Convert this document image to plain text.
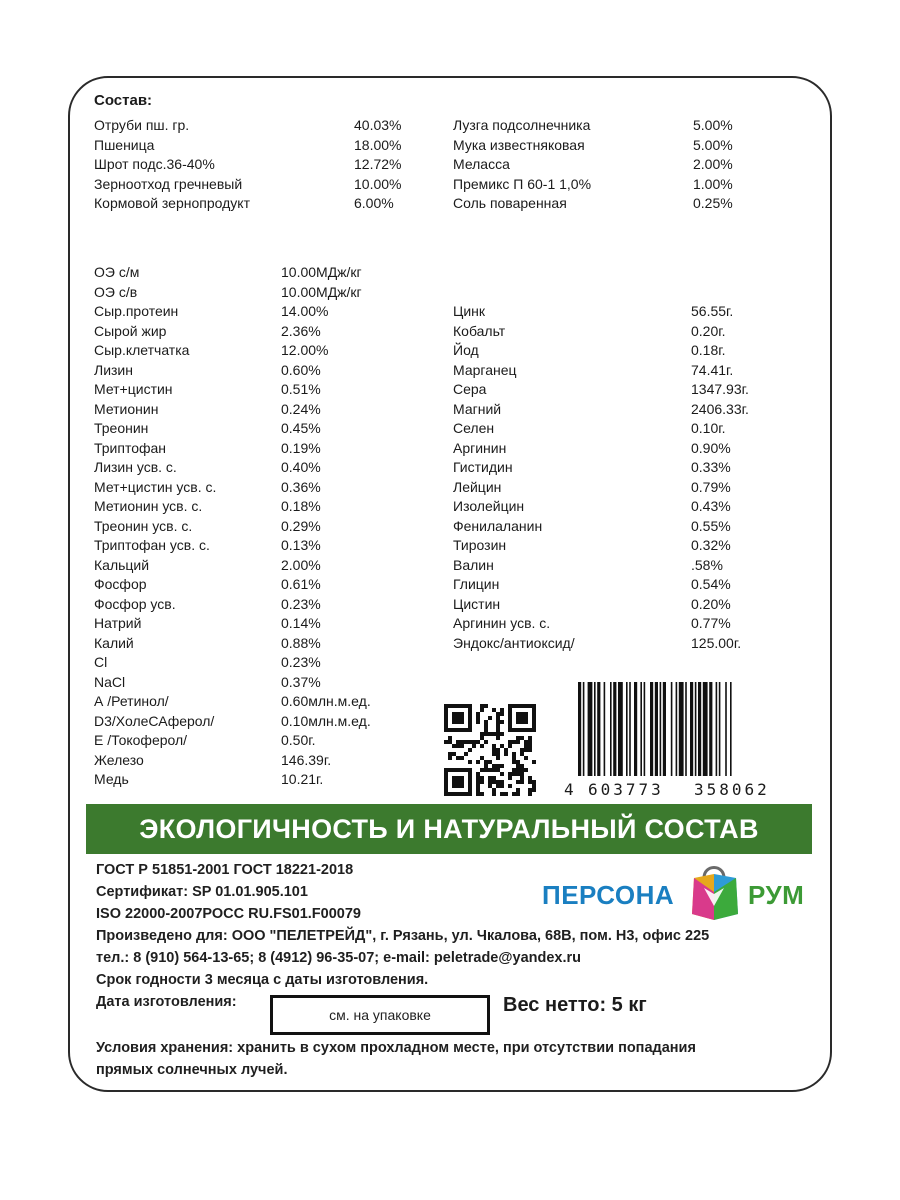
Состав:
Отруби пш. гр.	40.03%
Пшеница	18.00%
Шрот подс.36-40%	12.72%
Зерноотход гречневый	10.00%
Кормовой зернопродукт	6.00%
Лузга подсолнечника	5.00%
Мука известняковая	5.00%
Меласса	2.00%
Премикс П 60-1 1,0%	1.00%
Соль поваренная	0.25%
ОЭ с/м	10.00МДж/кг
ОЭ с/в	10.00МДж/кг
Сыр.протеин	14.00%
Сырой жир	2.36%
Сыр.клетчатка	12.00%
Лизин	0.60%
Мет+цистин	0.51%
Метионин	0.24%
Треонин	0.45%
Триптофан	0.19%
Лизин усв. с.	0.40%
Мет+цистин усв. с.	0.36%
Метионин усв. с.	0.18%
Треонин усв. с.	0.29%
Триптофан усв. с.	0.13%
Кальций	2.00%
Фосфор	0.61%
Фосфор усв.	0.23%
Натрий	0.14%
Калий	0.88%
Cl	0.23%
NaCl	0.37%
А /Ретинол/	0.60млн.м.ед.
D3/ХолеСАферол/	0.10млн.м.ед.
Е /Токоферол/	0.50г.
Железо	146.39г.
Медь	10.21г.
Цинк	56.55г.
Кобальт	0.20г.
Йод	0.18г.
Марганец	74.41г.
Сера	1347.93г.
Магний	2406.33г.
Селен	0.10г.
Аргинин	0.90%
Гистидин	0.33%
Лейцин	0.79%
Изолейцин	0.43%
Фенилаланин	0.55%
Тирозин	0.32%
Валин	.58%
Глицин	0.54%
Цистин	0.20%
Аргинин усв. с.	0.77%
Эндокс/антиоксид/	125.00г.
4 603773 358062
ЭКОЛОГИЧНОСТЬ И НАТУРАЛЬНЫЙ СОСТАВ
ГОСТ Р 51851-2001 ГОСТ 18221-2018
Сертификат: SP 01.01.905.101
ISO 22000-2007РОСС RU.FS01.F00079
Произведено для: ООО "ПЕЛЕТРЕЙД", г. Рязань, ул. Чкалова, 68В, пом. Н3, офис 225
тел.: 8 (910) 564-13-65; 8 (4912) 96-35-07; e-mail: peletrade@yandex.ru
Срок годности 3 месяца с даты изготовления.
Дата изготовления:
см. на упаковке	Вес нетто: 5 кг
Условия хранения: хранить в сухом прохладном месте, при отсутствии попадания
прямых солнечных лучей.
ПЕРСОНА	РУМ
